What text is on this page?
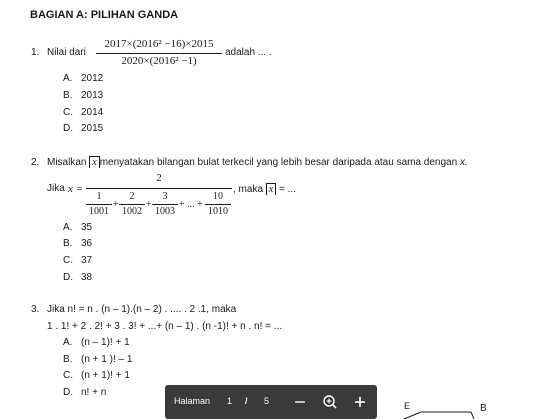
BAGIAN A: PILIHAN GANDA
1. Nilai dari
2017×(2016² −16)×2015
2020×(2016² −1)
adalah ... .
A. 2012
B. 2013
C. 2014
D. 2015
2. Misalkan x menyatakan bilangan bulat terkecil yang lebih besar daripada atau sama dengan x.
Jika x =
2
1
1001
+
2
1002
+
3
1003
+ ... +
10
1010
, maka x = ...
A. 35
B. 36
C. 37
D. 38
3. Jika n! = n . (n – 1).(n – 2) . .... . 2 .1, maka
1 . 1! + 2 . 2! + 3 . 3! + ...+ (n – 1) . (n -1)! + n . n! = ...
A. (n – 1)! + 1
B. (n + 1 )! – 1
C. (n + 1)! + 1
D. n! + n
E	B
Halaman 1 / 5
